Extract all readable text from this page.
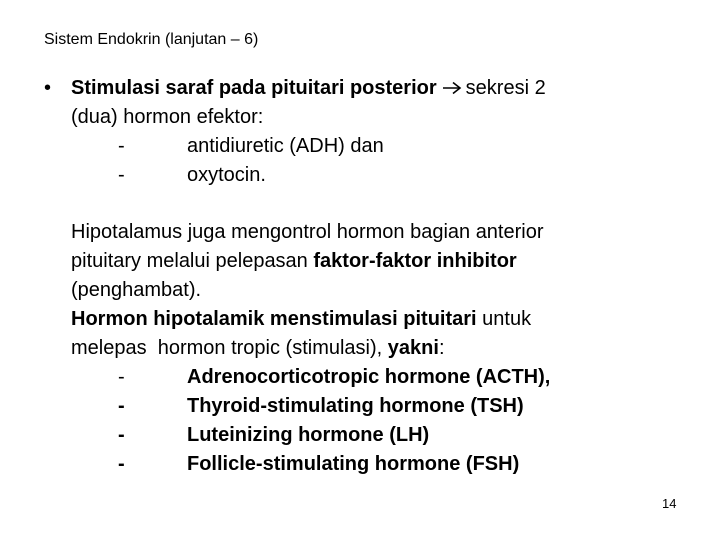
Sistem Endokrin (lanjutan – 6)
• Stimulasi saraf pada pituitari posterior sekresi 2
(dua) hormon efektor:
-	antidiuretic (ADH) dan
-	oxytocin.
Hipotalamus juga mengontrol hormon bagian anterior
pituitary melalui pelepasan faktor-faktor inhibitor
(penghambat).
Hormon hipotalamik menstimulasi pituitari untuk
melepas  hormon tropic (stimulasi), yakni:
-	Adrenocorticotropic hormone (ACTH),
-	Thyroid-stimulating hormone (TSH)
-	Luteinizing hormone (LH)
-	Follicle-stimulating hormone (FSH)
14
